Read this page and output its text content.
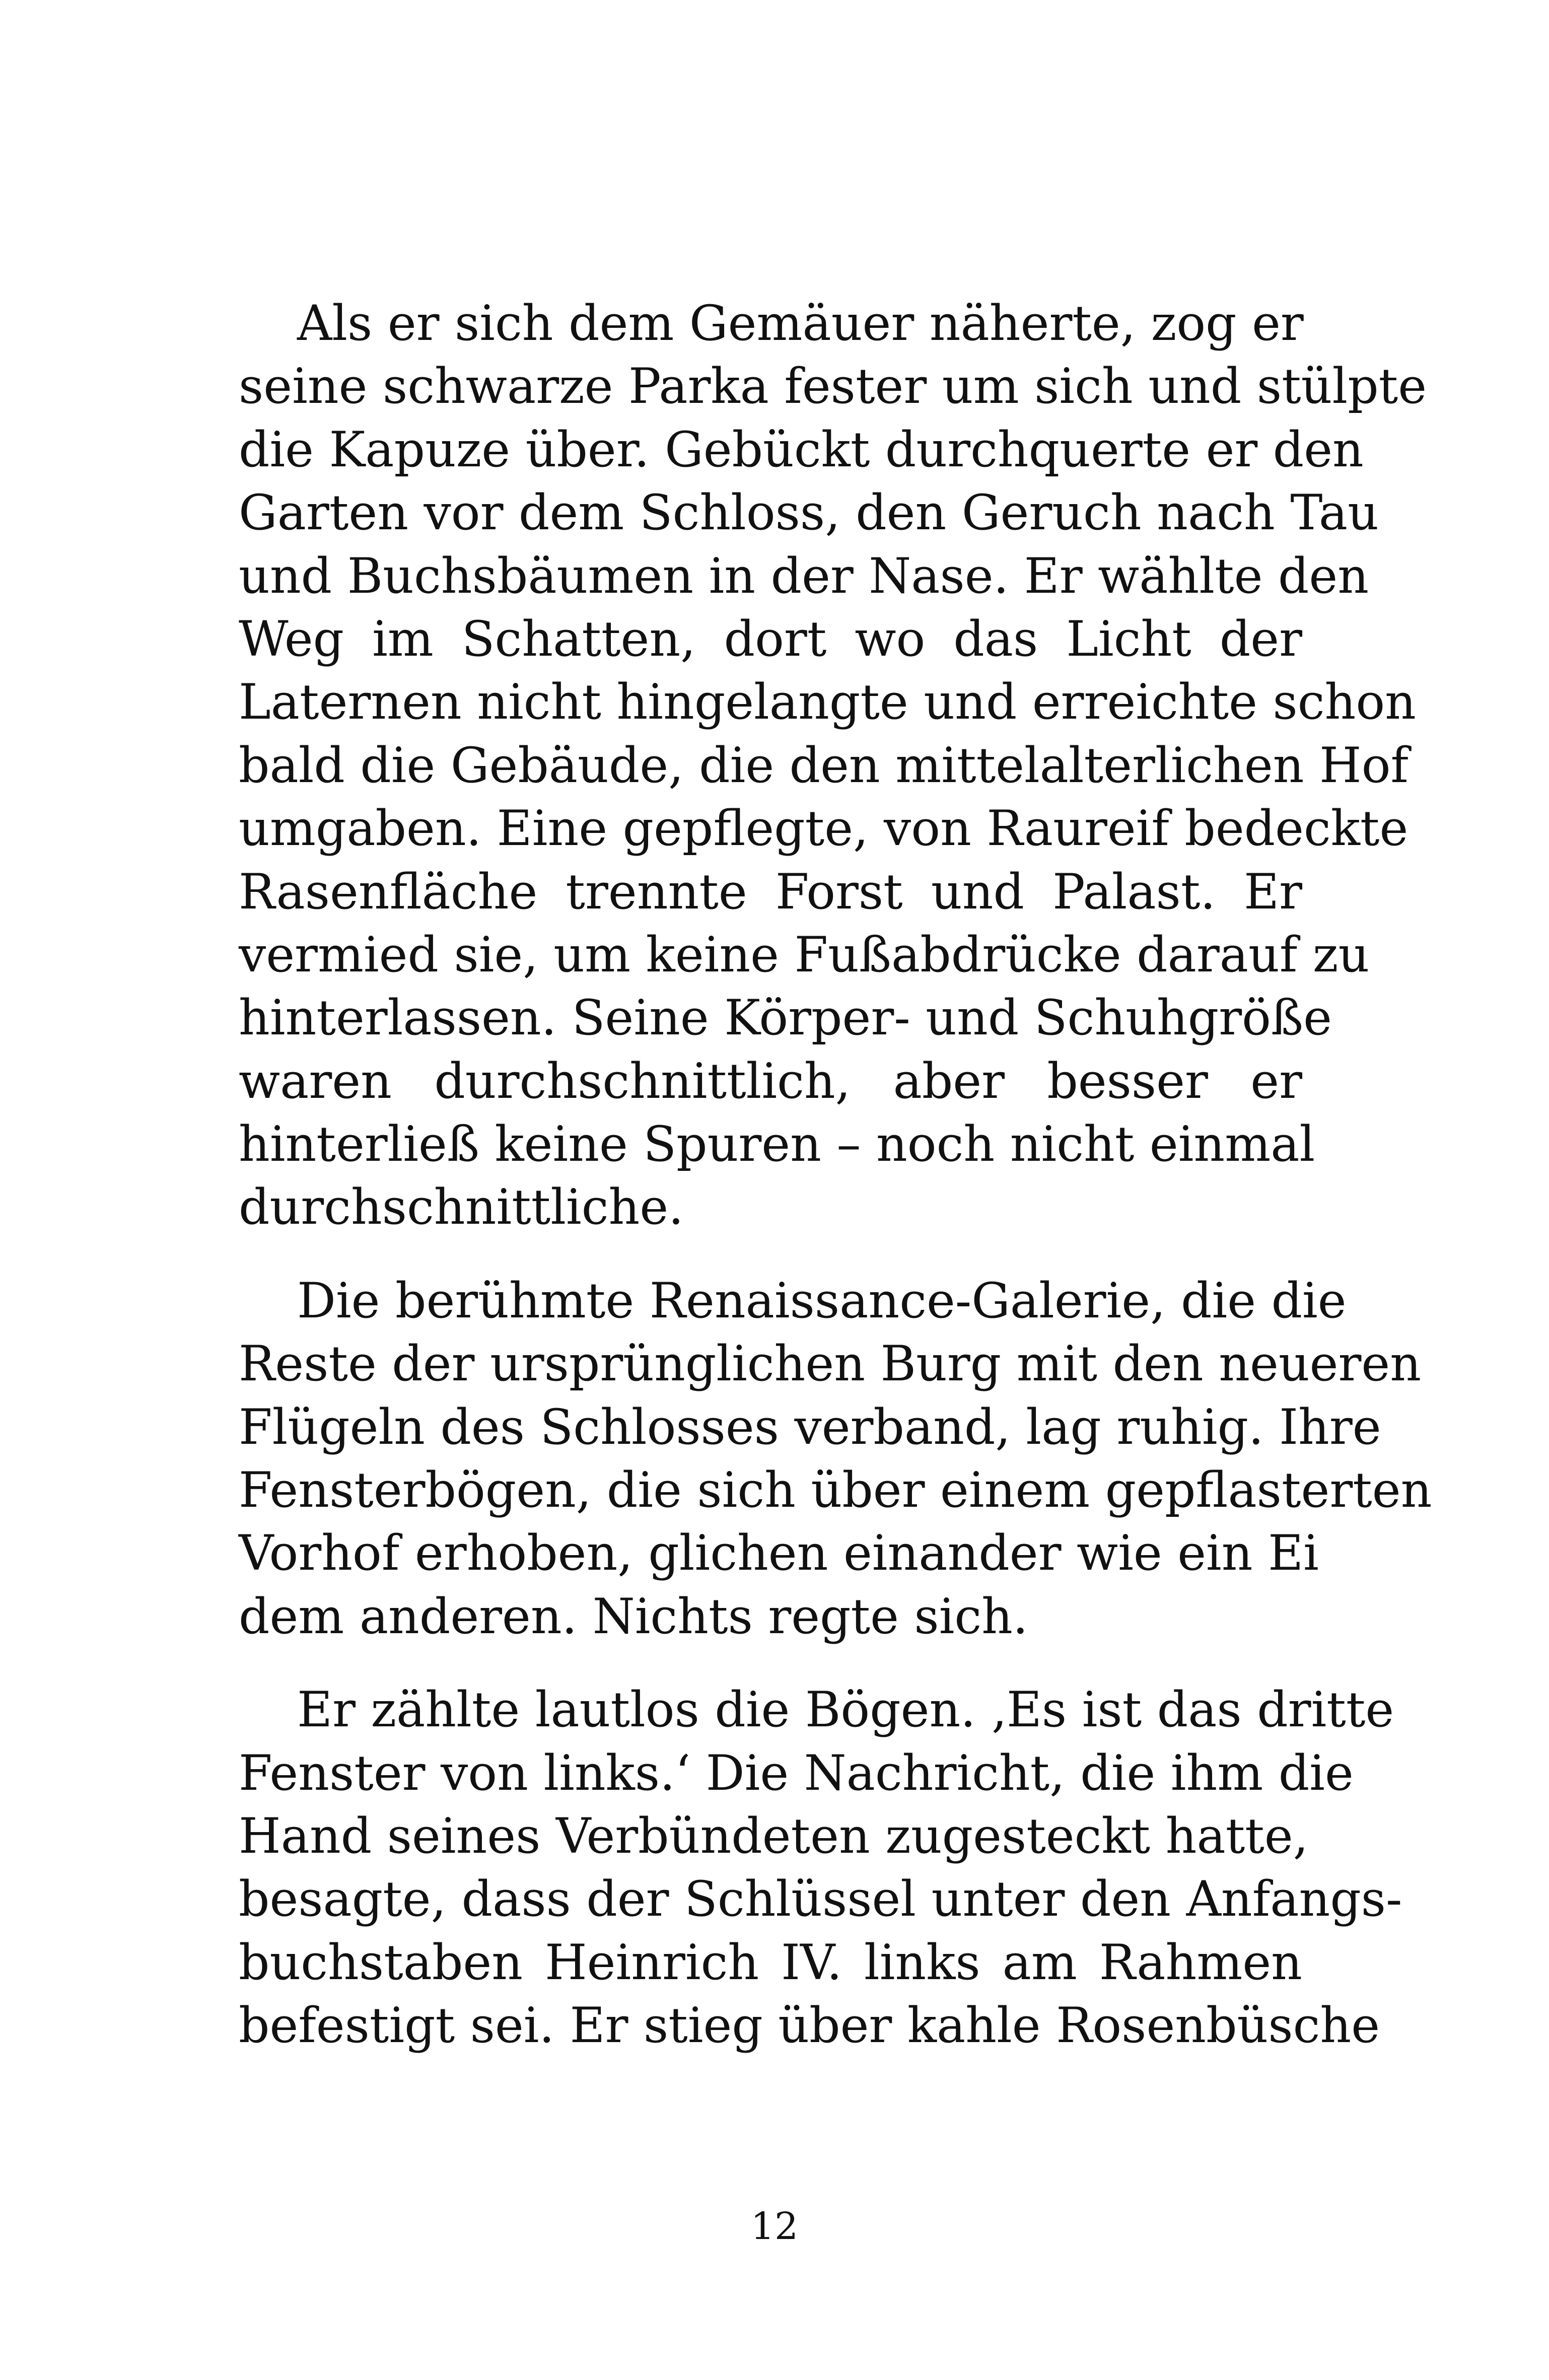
Als er sich dem Gemäuer näherte, zog er
seine schwarze Parka fester um sich und stülpte
die Kapuze über. Gebückt durchquerte er den
Garten vor dem Schloss, den Geruch nach Tau
und Buchsbäumen in der Nase. Er wählte den
Weg im Schatten, dort wo das Licht der
Laternen nicht hingelangte und erreichte schon
bald die Gebäude, die den mittelalterlichen Hof
umgaben. Eine gepflegte, von Raureif bedeckte
Rasenfläche trennte Forst und Palast. Er
vermied sie, um keine Fußabdrücke darauf zu
hinterlassen. Seine Körper- und Schuhgröße
waren durchschnittlich, aber besser er
hinterließ keine Spuren – noch nicht einmal
durchschnittliche.
Die berühmte Renaissance-Galerie, die die
Reste der ursprünglichen Burg mit den neueren
Flügeln des Schlosses verband, lag ruhig. Ihre
Fensterbögen, die sich über einem gepflasterten
Vorhof erhoben, glichen einander wie ein Ei
dem anderen. Nichts regte sich.
Er zählte lautlos die Bögen. ‚Es ist das dritte
Fenster von links.‘ Die Nachricht, die ihm die
Hand seines Verbündeten zugesteckt hatte,
besagte, dass der Schlüssel unter den Anfangs-
buchstaben Heinrich IV. links am Rahmen
befestigt sei. Er stieg über kahle Rosenbüsche
12
